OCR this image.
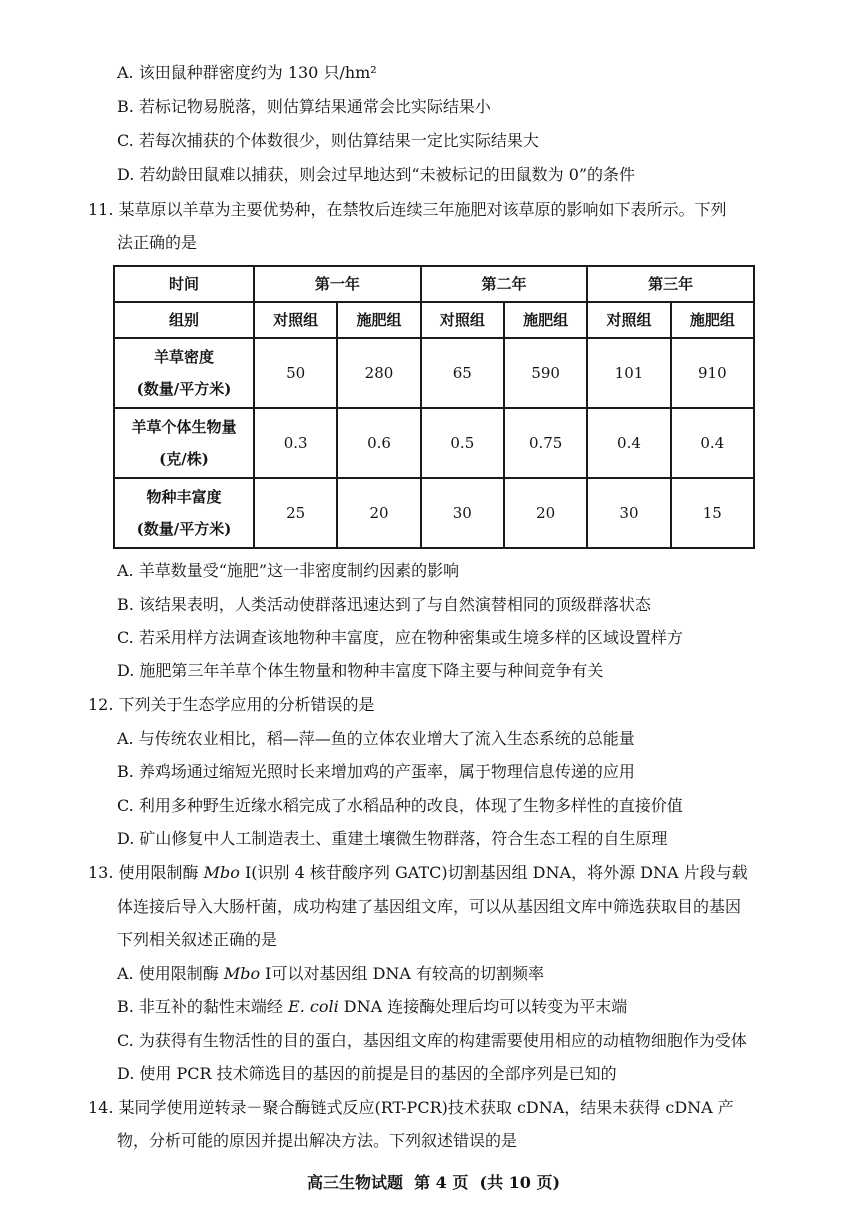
A. 该田鼠种群密度约为 130 只/hm²
B. 若标记物易脱落，则估算结果通常会比实际结果小
C. 若每次捕获的个体数很少，则估算结果一定比实际结果大
D. 若幼龄田鼠难以捕获，则会过早地达到“未被标记的田鼠数为 0”的条件
11. 某草原以羊草为主要优势种，在禁牧后连续三年施肥对该草原的影响如下表所示。下列
法正确的是
时间	第一年		第二年		第三年	
组别	对照组	施肥组	对照组	施肥组	对照组	施肥组

羊草密度
(数量/平方米)	50	280	65	590	101	910

羊草个体生物量
(克/株)	0.3	0.6	0.5	0.75	0.4	0.4

物种丰富度
(数量/平方米)	25	20	30	20	30	15
A. 羊草数量受“施肥”这一非密度制约因素的影响
B. 该结果表明，人类活动使群落迅速达到了与自然演替相同的顶级群落状态
C. 若采用样方法调查该地物种丰富度，应在物种密集或生境多样的区域设置样方
D. 施肥第三年羊草个体生物量和物种丰富度下降主要与种间竞争有关
12. 下列关于生态学应用的分析错误的是
A. 与传统农业相比，稻—萍—鱼的立体农业增大了流入生态系统的总能量
B. 养鸡场通过缩短光照时长来增加鸡的产蛋率，属于物理信息传递的应用
C. 利用多种野生近缘水稻完成了水稻品种的改良，体现了生物多样性的直接价值
D. 矿山修复中人工制造表土、重建土壤微生物群落，符合生态工程的自生原理
13. 使用限制酶 Mbo Ⅰ(识别 4 核苷酸序列 GATC)切割基因组 DNA，将外源 DNA 片段与载
体连接后导入大肠杆菌，成功构建了基因组文库，可以从基因组文库中筛选获取目的基因
下列相关叙述正确的是
A. 使用限制酶 Mbo Ⅰ可以对基因组 DNA 有较高的切割频率
B. 非互补的黏性末端经 E. coli DNA 连接酶处理后均可以转变为平末端
C. 为获得有生物活性的目的蛋白，基因组文库的构建需要使用相应的动植物细胞作为受体
D. 使用 PCR 技术筛选目的基因的前提是目的基因的全部序列是已知的
14. 某同学使用逆转录－聚合酶链式反应(RT-PCR)技术获取 cDNA，结果未获得 cDNA 产
物，分析可能的原因并提出解决方法。下列叙述错误的是
高三生物试题  第 4 页  (共 10 页)
